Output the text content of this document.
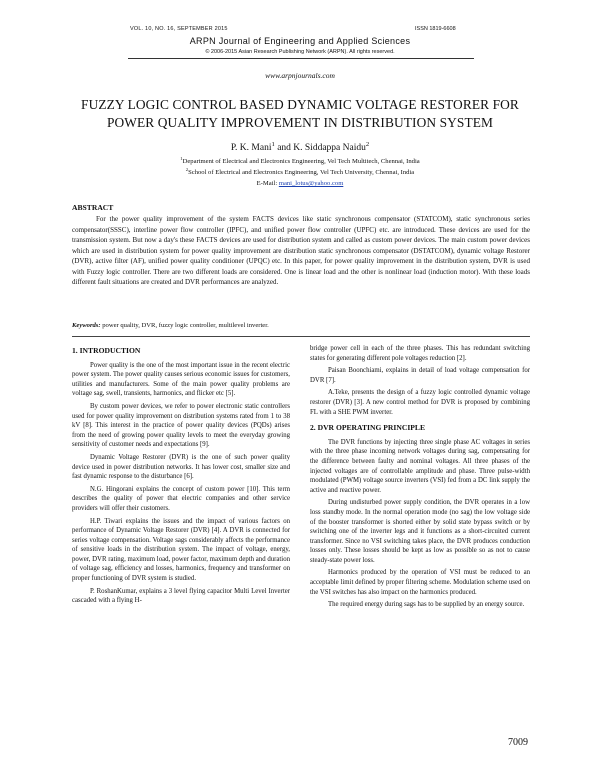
VOL. 10, NO. 16, SEPTEMBER 2015	ISSN 1819-6608
ARPN Journal of Engineering and Applied Sciences
© 2006-2015 Asian Research Publishing Network (ARPN). All rights reserved.
www.arpnjournals.com
FUZZY LOGIC CONTROL BASED DYNAMIC VOLTAGE RESTORER FOR POWER QUALITY IMPROVEMENT IN DISTRIBUTION SYSTEM
P. K. Mani$^1$ and K. Siddappa Naidu$^2$
$^1$Department of Electrical and Electronics Engineering, Vel Tech Multitech, Chennai, India
$^2$School of Electrical and Electronics Engineering, Vel Tech University, Chennai, India
E-Mail: mani_lotus@yahoo.com
ABSTRACT

For the power quality improvement of the system FACTS devices like static synchronous compensator (STATCOM), static synchronous series compensator(SSSC), interline power flow controller (IPFC), and unified power flow controller (UPFC) etc. are introduced. These devices are used for the transmission system. But now a day's these FACTS devices are used for distribution system and called as custom power devices. The main custom power devices which are used in distribution system for power quality improvement are distribution static synchronous compensator (DSTATCOM), dynamic voltage Restorer (DVR), active filter (AF), unified power quality conditioner (UPQC) etc. In this paper, for power quality improvement in the distribution system, DVR is used with Fuzzy logic controller. There are two different loads are considered. One is linear load and the other is nonlinear load (induction motor). With these loads different fault situations are created and DVR performances are analyzed.

Keywords: power quality, DVR, fuzzy logic controller, multilevel inverter.
1. INTRODUCTION

Power quality is the one of the most important issue in the recent electric power system. The power quality causes serious economic issues for customers, utilities and manufacturers. Some of the main power quality problems are voltage sag, swell, transients, harmonics, and flicker etc [5].

By custom power devices, we refer to power electronic static controllers used for power quality improvement on distribution systems rated from 1 to 38 kV [8]. This interest in the practice of power quality devices (PQDs) arises from the need of growing power quality levels to meet the everyday growing sensitivity of customer needs and expectations [9].

Dynamic Voltage Restorer (DVR) is the one of such power quality device used in power distribution networks. It has lower cost, smaller size and fast dynamic response to the disturbance [6].

N.G. Hingorani explains the concept of custom power [10]. This term describes the quality of power that electric companies and other service providers will offer their customers.

H.P. Tiwari explains the issues and the impact of various factors on performance of Dynamic Voltage Restorer (DVR) [4]. A DVR is connected for series voltage compensation. Voltage sags considerably affects the performance of sensitive loads in the distribution system. The impact of voltage, energy, power, DVR rating, maximum load, power factor, maximum depth and duration of voltage sag, efficiency and losses, harmonics, frequency and transformer on proper functioning of DVR system is studied.

P. RoshanKumar, explains a 3 level flying capacitor Multi Level Inverter cascaded with a flying H-

bridge power cell in each of the three phases. This has redundant switching states for generating different pole voltages reduction [2].

Paisan Boonchiami, explains in detail of load voltage compensation for DVR [7].

A.Teke, presents the design of a fuzzy logic controlled dynamic voltage restorer (DVR) [3]. A new control method for DVR is proposed by combining FL with a SHE PWM inverter.

2. DVR OPERATING PRINCIPLE

The DVR functions by injecting three single phase AC voltages in series with the three phase incoming network voltages during sag, compensating for the difference between faulty and nominal voltages. All three phases of the injected voltages are of controllable amplitude and phase. Three pulse-width modulated (PWM) voltage source inverters (VSI) fed from a DC link supply the active and reactive power.

During undisturbed power supply condition, the DVR operates in a low loss standby mode. In the normal operation mode (no sag) the low voltage side of the booster transformer is shorted either by solid state bypass switch or by switching one of the inverter legs and it functions as a short-circuited current transformer. Since no VSI switching takes place, the DVR produces conduction losses only. These losses should be kept as low as possible so as not to cause steady-state power loss.

Harmonics produced by the operation of VSI must be reduced to an acceptable limit defined by proper filtering scheme. Modulation scheme used on the VSI switches has also impact on the harmonics produced.

The required energy during sags has to be supplied by an energy source.

7009
